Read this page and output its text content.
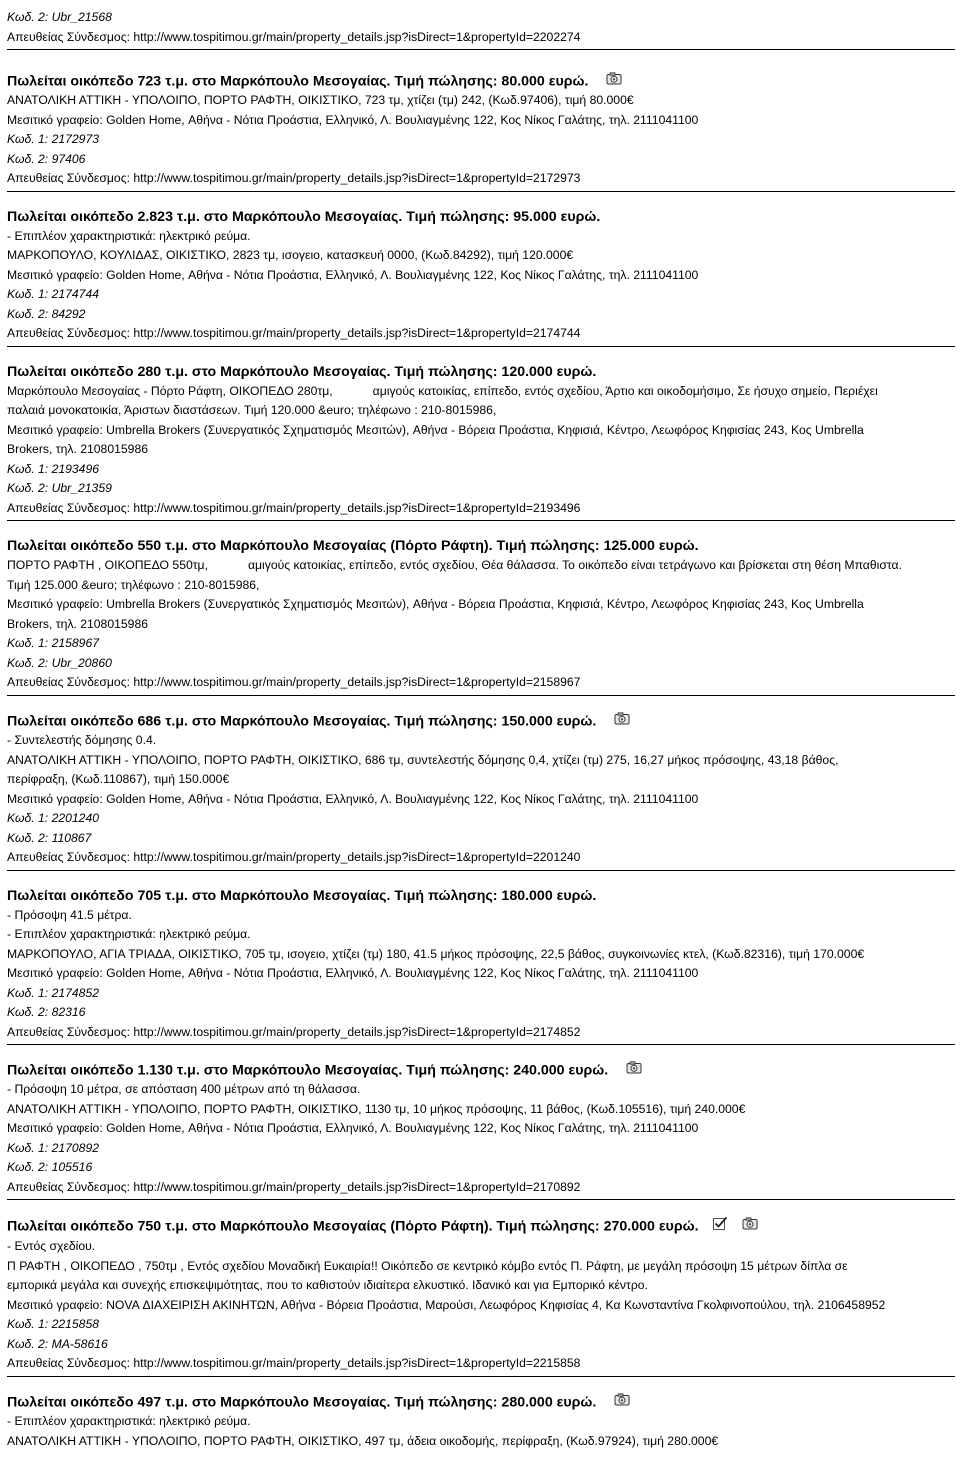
Κωδ. 2: Ubr_21568
Απευθείας Σύνδεσμος: http://www.tospitimou.gr/main/property_details.jsp?isDirect=1&propertyId=2202274
Πωλείται οικόπεδο 723 τ.μ. στο Μαρκόπουλο Μεσογαίας. Τιμή πώλησης: 80.000 ευρώ.
ΑΝΑΤΟΛΙΚΗ ΑΤΤΙΚΗ - ΥΠΟΛΟΙΠΟ, ΠΟΡΤΟ ΡΑΦΤΗ, ΟΙΚΙΣΤΙΚΟ, 723 τμ, χτίζει (τμ) 242, (Κωδ.97406), τιμή 80.000€
Μεσιτικό γραφείο: Golden Home, Αθήνα - Νότια Προάστια, Ελληνικό, Λ. Βουλιαγμένης 122, Κος Νίκος Γαλάτης, τηλ. 2111041100
Κωδ. 1: 2172973
Κωδ. 2: 97406
Απευθείας Σύνδεσμος: http://www.tospitimou.gr/main/property_details.jsp?isDirect=1&propertyId=2172973
Πωλείται οικόπεδο 2.823 τ.μ. στο Μαρκόπουλο Μεσογαίας. Τιμή πώλησης: 95.000 ευρώ.
- Επιπλέον χαρακτηριστικά: ηλεκτρικό ρεύμα.
ΜΑΡΚΟΠΟΥΛΟ, ΚΟΥΛΙΔΑΣ, ΟΙΚΙΣΤΙΚΟ, 2823 τμ, ισογειο, κατασκευή 0000, (Κωδ.84292), τιμή 120.000€
Μεσιτικό γραφείο: Golden Home, Αθήνα - Νότια Προάστια, Ελληνικό, Λ. Βουλιαγμένης 122, Κος Νίκος Γαλάτης, τηλ. 2111041100
Κωδ. 1: 2174744
Κωδ. 2: 84292
Απευθείας Σύνδεσμος: http://www.tospitimou.gr/main/property_details.jsp?isDirect=1&propertyId=2174744
Πωλείται οικόπεδο 280 τ.μ. στο Μαρκόπουλο Μεσογαίας. Τιμή πώλησης: 120.000 ευρώ.
Μαρκόπουλο Μεσογαίας - Πόρτο Ράφτη, ΟΙΚΟΠΕΔΟ 280τμ,	αμιγούς κατοικίας, επίπεδο, εντός σχεδίου, Άρτιο και οικοδομήσιμο, Σε ήσυχο σημείο, Περιέχει
παλαιά μονοκατοικία, Άριστων διαστάσεων. Τιμή 120.000 &euro; τηλέφωνο : 210-8015986,
Μεσιτικό γραφείο: Umbrella Brokers (Συνεργατικός Σχηματισμός Μεσιτών), Αθήνα - Βόρεια Προάστια, Κηφισιά, Κέντρο, Λεωφόρος Κηφισίας 243, Κος Umbrella
Brokers, τηλ. 2108015986
Κωδ. 1: 2193496
Κωδ. 2: Ubr_21359
Απευθείας Σύνδεσμος: http://www.tospitimou.gr/main/property_details.jsp?isDirect=1&propertyId=2193496
Πωλείται οικόπεδο 550 τ.μ. στο Μαρκόπουλο Μεσογαίας (Πόρτο Ράφτη). Τιμή πώλησης: 125.000 ευρώ.
ΠΟΡΤΟ ΡΑΦΤΗ , ΟΙΚΟΠΕΔΟ 550τμ,	αμιγούς κατοικίας, επίπεδο, εντός σχεδίου, Θέα θάλασσα. Το οικόπεδο είναι τετράγωνο και βρίσκεται στη θέση Μπαθιστα.
Τιμή 125.000 &euro; τηλέφωνο : 210-8015986,
Μεσιτικό γραφείο: Umbrella Brokers (Συνεργατικός Σχηματισμός Μεσιτών), Αθήνα - Βόρεια Προάστια, Κηφισιά, Κέντρο, Λεωφόρος Κηφισίας 243, Κος Umbrella
Brokers, τηλ. 2108015986
Κωδ. 1: 2158967
Κωδ. 2: Ubr_20860
Απευθείας Σύνδεσμος: http://www.tospitimou.gr/main/property_details.jsp?isDirect=1&propertyId=2158967
Πωλείται οικόπεδο 686 τ.μ. στο Μαρκόπουλο Μεσογαίας. Τιμή πώλησης: 150.000 ευρώ.
- Συντελεστής δόμησης 0.4.
ΑΝΑΤΟΛΙΚΗ ΑΤΤΙΚΗ - ΥΠΟΛΟΙΠΟ, ΠΟΡΤΟ ΡΑΦΤΗ, ΟΙΚΙΣΤΙΚΟ, 686 τμ, συντελεστής δόμησης 0,4, χτίζει (τμ) 275, 16,27 μήκος πρόσοψης, 43,18 βάθος,
περίφραξη, (Κωδ.110867), τιμή 150.000€
Μεσιτικό γραφείο: Golden Home, Αθήνα - Νότια Προάστια, Ελληνικό, Λ. Βουλιαγμένης 122, Κος Νίκος Γαλάτης, τηλ. 2111041100
Κωδ. 1: 2201240
Κωδ. 2: 110867
Απευθείας Σύνδεσμος: http://www.tospitimou.gr/main/property_details.jsp?isDirect=1&propertyId=2201240
Πωλείται οικόπεδο 705 τ.μ. στο Μαρκόπουλο Μεσογαίας. Τιμή πώλησης: 180.000 ευρώ.
- Πρόσοψη 41.5 μέτρα.
- Επιπλέον χαρακτηριστικά: ηλεκτρικό ρεύμα.
ΜΑΡΚΟΠΟΥΛΟ, ΑΓΙΑ ΤΡΙΑΔΑ, ΟΙΚΙΣΤΙΚΟ, 705 τμ, ισογειο, χτίζει (τμ) 180, 41.5 μήκος πρόσοψης, 22,5 βάθος, συγκοινωνίες κτελ, (Κωδ.82316), τιμή 170.000€
Μεσιτικό γραφείο: Golden Home, Αθήνα - Νότια Προάστια, Ελληνικό, Λ. Βουλιαγμένης 122, Κος Νίκος Γαλάτης, τηλ. 2111041100
Κωδ. 1: 2174852
Κωδ. 2: 82316
Απευθείας Σύνδεσμος: http://www.tospitimou.gr/main/property_details.jsp?isDirect=1&propertyId=2174852
Πωλείται οικόπεδο 1.130 τ.μ. στο Μαρκόπουλο Μεσογαίας. Τιμή πώλησης: 240.000 ευρώ.
- Πρόσοψη 10 μέτρα, σε απόσταση 400 μέτρων από τη θάλασσα.
ΑΝΑΤΟΛΙΚΗ ΑΤΤΙΚΗ - ΥΠΟΛΟΙΠΟ, ΠΟΡΤΟ ΡΑΦΤΗ, ΟΙΚΙΣΤΙΚΟ, 1130 τμ, 10 μήκος πρόσοψης, 11 βάθος, (Κωδ.105516), τιμή 240.000€
Μεσιτικό γραφείο: Golden Home, Αθήνα - Νότια Προάστια, Ελληνικό, Λ. Βουλιαγμένης 122, Κος Νίκος Γαλάτης, τηλ. 2111041100
Κωδ. 1: 2170892
Κωδ. 2: 105516
Απευθείας Σύνδεσμος: http://www.tospitimou.gr/main/property_details.jsp?isDirect=1&propertyId=2170892
Πωλείται οικόπεδο 750 τ.μ. στο Μαρκόπουλο Μεσογαίας (Πόρτο Ράφτη). Τιμή πώλησης: 270.000 ευρώ.
- Εντός σχεδίου.
Π ΡΑΦΤΗ , ΟΙΚΟΠΕΔΟ , 750τμ , Εντός σχεδίου Μοναδική Ευκαιρία!! Οικόπεδο σε κεντρικό κόμβο εντός Π. Ράφτη, με μεγάλη πρόσοψη 15 μέτρων δίπλα σε
εμπορικά μεγάλα και συνεχής επισκεψιμότητας, που το καθιστούν ιδιαίτερα ελκυστικό. Ιδανικό και για Εμπορικό κέντρο.
Μεσιτικό γραφείο: NOVA ΔΙΑΧΕΙΡΙΣΗ ΑΚΙΝΗΤΩΝ, Αθήνα - Βόρεια Προάστια, Μαρούσι, Λεωφόρος Κηφισίας 4, Κα Κωνσταντίνα Γκολφινοπούλου, τηλ. 2106458952
Κωδ. 1: 2215858
Κωδ. 2: MA-58616
Απευθείας Σύνδεσμος: http://www.tospitimou.gr/main/property_details.jsp?isDirect=1&propertyId=2215858
Πωλείται οικόπεδο 497 τ.μ. στο Μαρκόπουλο Μεσογαίας. Τιμή πώλησης: 280.000 ευρώ.
- Επιπλέον χαρακτηριστικά: ηλεκτρικό ρεύμα.
ΑΝΑΤΟΛΙΚΗ ΑΤΤΙΚΗ - ΥΠΟΛΟΙΠΟ, ΠΟΡΤΟ ΡΑΦΤΗ, ΟΙΚΙΣΤΙΚΟ, 497 τμ, άδεια οικοδομής, περίφραξη, (Κωδ.97924), τιμή 280.000€
